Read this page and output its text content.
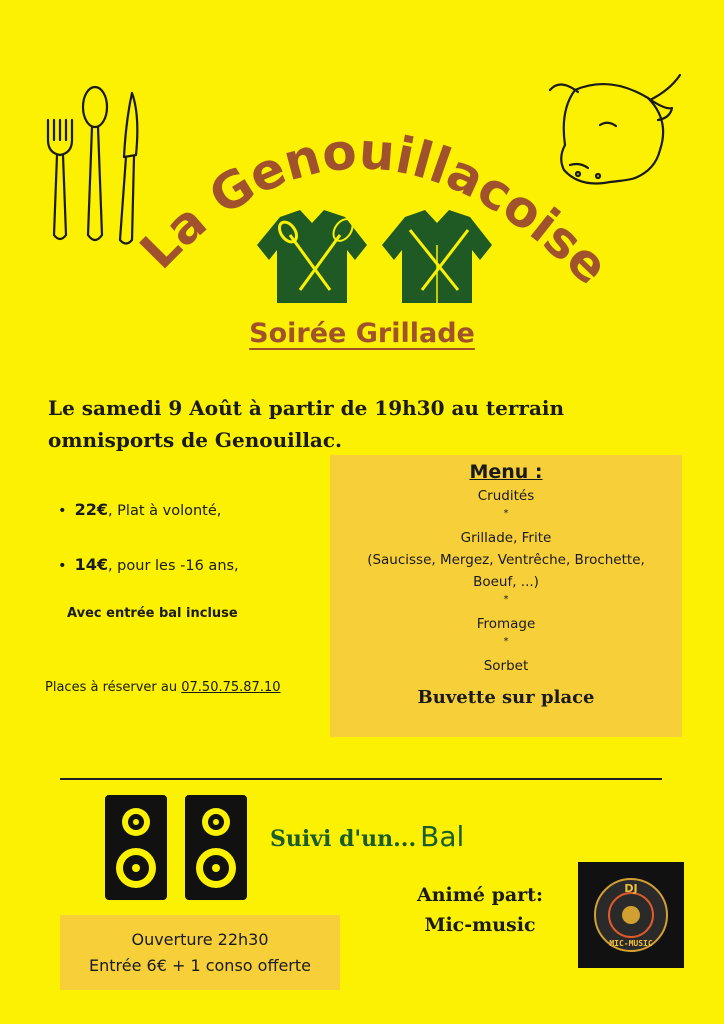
La Genouillacoise
Soirée Grillade
Le samedi 9 Août à partir de 19h30 au terrain omnisports de Genouillac.
• 22€, Plat à volonté,
• 14€, pour les -16 ans,
Avec entrée bal incluse
Places à réserver au 07.50.75.87.10
Menu :
Crudités
*
Grillade, Frite
(Saucisse, Mergez, Ventrêche, Brochette,
Boeuf, ...)
*
Fromage
*
Sorbet
Buvette sur place
Suivi d'un... Bal
Animé part:
Mic-music
Ouverture 22h30
Entrée 6€ + 1 conso offerte
DJ
MIC-MUSIC
